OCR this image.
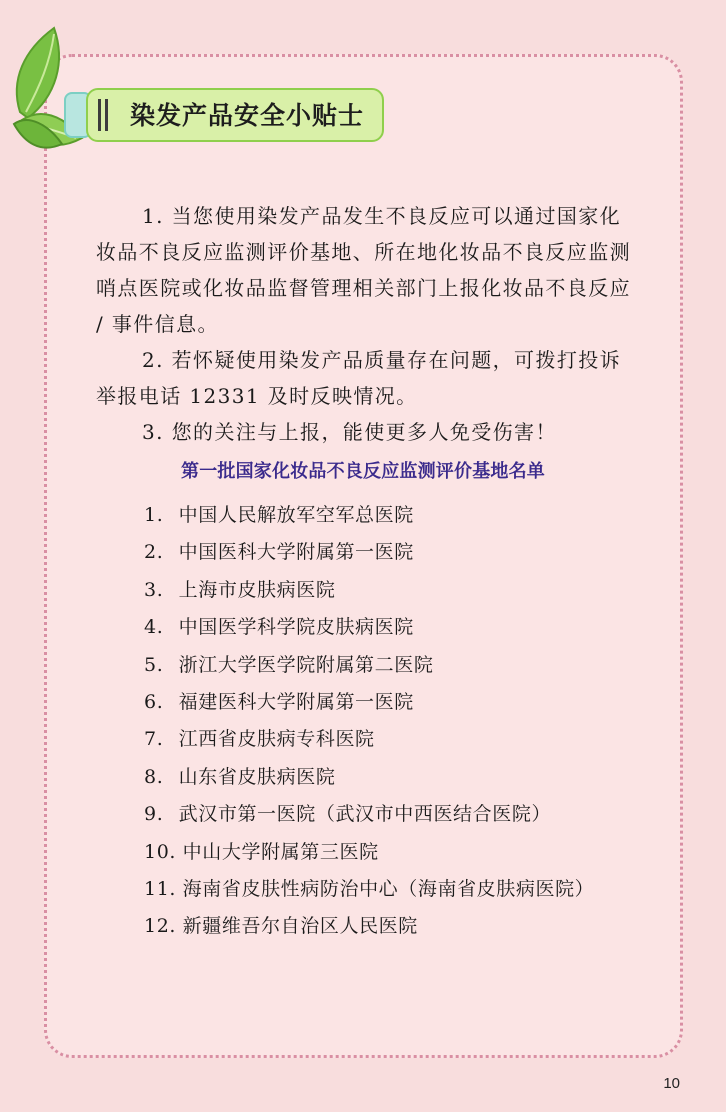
染发产品安全小贴士

1. 当您使用染发产品发生不良反应可以通过国家化妆品不良反应监测评价基地、所在地化妆品不良反应监测哨点医院或化妆品监督管理相关部门上报化妆品不良反应 / 事件信息。

2. 若怀疑使用染发产品质量存在问题，可拨打投诉举报电话 12331 及时反映情况。

3. 您的关注与上报，能使更多人免受伤害！

第一批国家化妆品不良反应监测评价基地名单
1. 中国人民解放军空军总医院
2. 中国医科大学附属第一医院
3. 上海市皮肤病医院
4. 中国医学科学院皮肤病医院
5. 浙江大学医学院附属第二医院
6. 福建医科大学附属第一医院
7. 江西省皮肤病专科医院
8. 山东省皮肤病医院
9. 武汉市第一医院（武汉市中西医结合医院）
10. 中山大学附属第三医院
11. 海南省皮肤性病防治中心（海南省皮肤病医院）
12. 新疆维吾尔自治区人民医院
10
